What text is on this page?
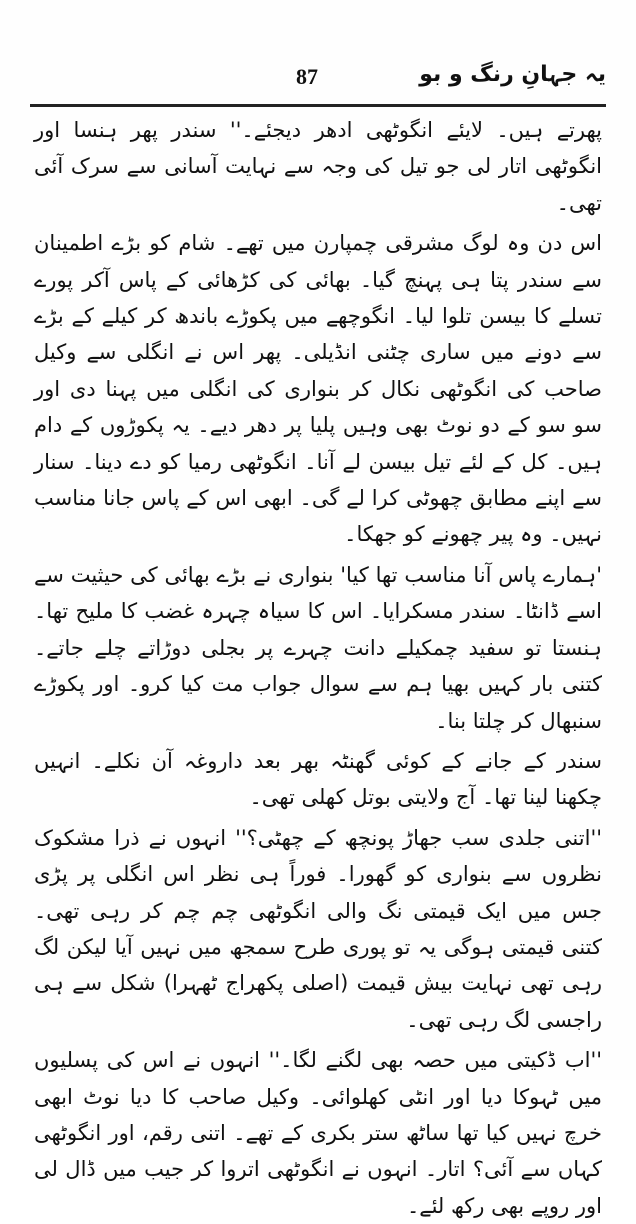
87	یہ جہانِ رنگ و بو

پھرتے ہیں۔ لایئے انگوٹھی ادھر دیجئے۔'' سندر پھر ہنسا اور انگوٹھی اتار لی جو تیل کی وجہ سے نہایت آسانی سے سرک آئی تھی۔

اس دن وہ لوگ مشرقی چمپارن میں تھے۔ شام کو بڑے اطمینان سے سندر پتا ہی پہنچ گیا۔ بھائی کی کڑھائی کے پاس آکر پورے تسلے کا بیسن تلوا لیا۔ انگوچھے میں پکوڑے باندھ کر کیلے کے بڑے سے دونے میں ساری چٹنی انڈیلی۔ پھر اس نے انگلی سے وکیل صاحب کی انگوٹھی نکال کر بنواری کی انگلی میں پہنا دی اور سو سو کے دو نوٹ بھی وہیں پلیا پر دھر دیے۔ یہ پکوڑوں کے دام ہیں۔ کل کے لئے تیل بیسن لے آنا۔ انگوٹھی رمیا کو دے دینا۔ سنار سے اپنے مطابق چھوٹی کرا لے گی۔ ابھی اس کے پاس جانا مناسب نہیں۔ وہ پیر چھونے کو جھکا۔

'ہمارے پاس آنا مناسب تھا کیا' بنواری نے بڑے بھائی کی حیثیت سے اسے ڈانٹا۔ سندر مسکرایا۔ اس کا سیاہ چہرہ غضب کا ملیح تھا۔ ہنستا تو سفید چمکیلے دانت چہرے پر بجلی دوڑاتے چلے جاتے۔ کتنی بار کہیں بھیا ہم سے سوال جواب مت کیا کرو۔ اور پکوڑے سنبھال کر چلتا بنا۔

سندر کے جانے کے کوئی گھنٹہ بھر بعد داروغہ آن نکلے۔ انہیں چکھنا لینا تھا۔ آج ولایتی بوتل کھلی تھی۔

''اتنی جلدی سب جھاڑ پونچھ کے چھٹی؟'' انہوں نے ذرا مشکوک نظروں سے بنواری کو گھورا۔ فوراً ہی نظر اس انگلی پر پڑی جس میں ایک قیمتی نگ والی انگوٹھی چم چم کر رہی تھی۔ کتنی قیمتی ہوگی یہ تو پوری طرح سمجھ میں نہیں آیا لیکن لگ رہی تھی نہایت بیش قیمت (اصلی پکھراج ٹھہرا) شکل سے ہی راجسی لگ رہی تھی۔

''اب ڈکیتی میں حصہ بھی لگنے لگا۔'' انہوں نے اس کی پسلیوں میں ٹہوکا دیا اور انٹی کھلوائی۔ وکیل صاحب کا دیا نوٹ ابھی خرچ نہیں کیا تھا ساٹھ ستر بکری کے تھے۔ اتنی رقم، اور انگوٹھی کہاں سے آئی؟ اتار۔ انہوں نے انگوٹھی اتروا کر جیب میں ڈال لی اور روپے بھی رکھ لئے۔
